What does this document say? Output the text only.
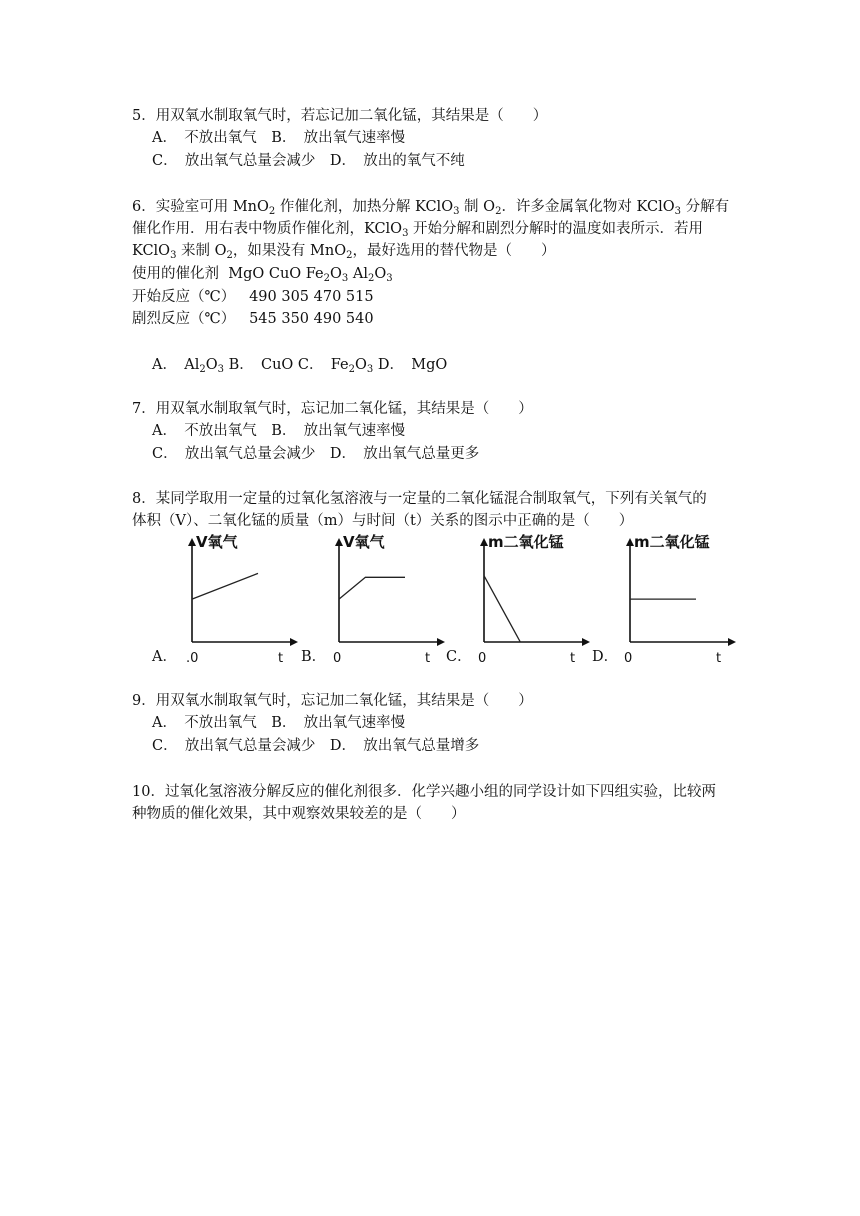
5．用双氧水制取氧气时，若忘记加二氧化锰，其结果是（　　）
A．　不放出氧气　B．　放出氧气速率慢
C．　放出氧气总量会减少　D．　放出的氧气不纯
6．实验室可用 MnO$_2$ 作催化剂，加热分解 KClO$_3$ 制 $O_2$．许多金属氧化物对 KClO$_3$ 分解有
催化作用．用右表中物质作催化剂，KClO$_3$ 开始分解和剧烈分解时的温度如表所示．若用
KClO$_3$ 来制 $O_2$，如果没有 MnO$_2$，最好选用的替代物是（　　）
使用的催化剂 MgO CuO $Fe_2O_3$ $Al_2O_3$
开始反应（℃） 490 305 470 515
剧烈反应（℃） 545 350 490 540
A．　$Al_2O_3$ B．　CuO C．　$Fe_2O_3$ D．　MgO
7．用双氧水制取氧气时，忘记加二氧化锰，其结果是（　　）
A．　不放出氧气　B．　放出氧气速率慢
C．　放出氧气总量会减少　D．　放出氧气总量更多
8．某同学取用一定量的过氧化氢溶液与一定量的二氧化锰混合制取氧气，下列有关氧气的
体积（V）、二氧化锰的质量（m）与时间（t）关系的图示中正确的是（　　）
A．	B．	C．	D．
V氧气
t
.0
V氧气
t
0
m二氧化锰
t
0
m二氧化锰
t
0
9．用双氧水制取氧气时，忘记加二氧化锰，其结果是（　　）
A．　不放出氧气　B．　放出氧气速率慢
C．　放出氧气总量会减少　D．　放出氧气总量增多
10．过氧化氢溶液分解反应的催化剂很多．化学兴趣小组的同学设计如下四组实验，比较两
种物质的催化效果，其中观察效果较差的是（　　）
